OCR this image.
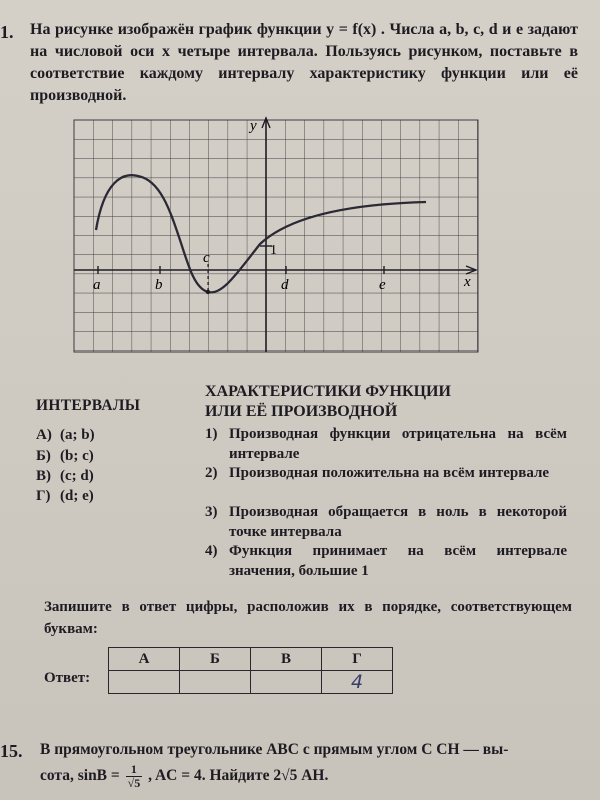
1. На рисунке изображён график функции y = f(x) . Числа a, b, c, d и e задают на числовой оси x четыре интервала. Пользуясь рисунком, поставьте в соответствие каждому интервалу характеристику функции или её производной.
y
x
1
a	b
c
d	e
ИНТЕРВАЛЫ
ХАРАКТЕРИСТИКИ ФУНКЦИИ
ИЛИ ЕЁ ПРОИЗВОДНОЙ
А) (a; b)
Б) (b; c)
В) (c; d)
Г) (d; e)
1) Производная функции отрицательна на всём интервале
2) Производная положительна на всём интервале
3) Производная обращается в ноль в некоторой точке интервала
4) Функция принимает на всём интервале значения, большие 1
Запишите в ответ цифры, расположив их в порядке, соответствующем буквам:
Ответ:
А	Б	В	Г
			4
15. В прямоугольном треугольнике ABC с прямым углом C CH — вы-
сота, $\sin B = \frac{1}{√5}$ , AC = 4. Найдите 2√5 AH.
